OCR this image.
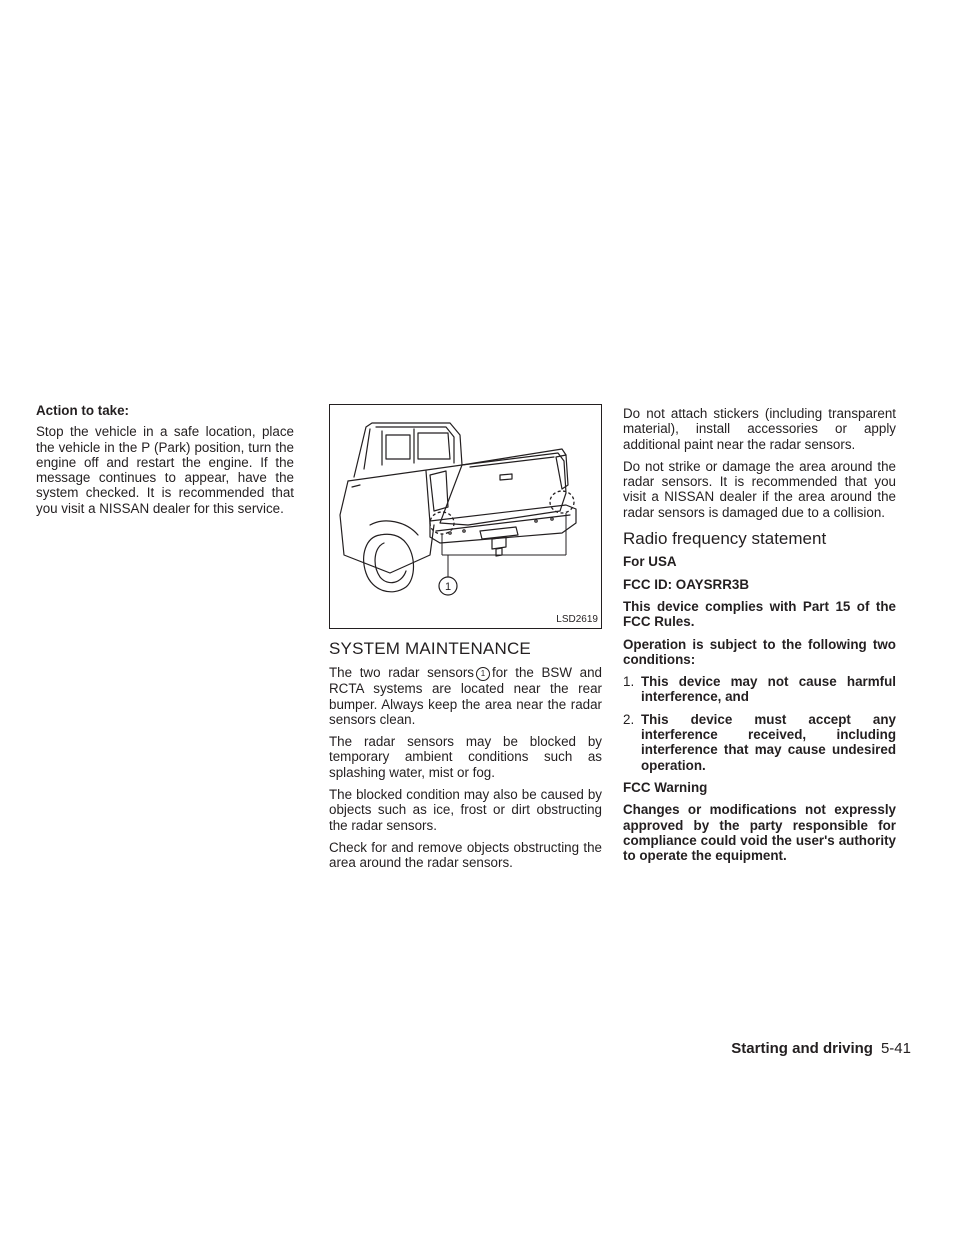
Action to take:

Stop the vehicle in a safe location, place the vehicle in the P (Park) position, turn the engine off and restart the engine. If the message continues to appear, have the system checked. It is recommended that you visit a NISSAN dealer for this service.

1
LSD2619
SYSTEM MAINTENANCE

The two radar sensors 1 for the BSW and RCTA systems are located near the rear bumper. Always keep the area near the radar sensors clean.

The radar sensors may be blocked by temporary ambient conditions such as splashing water, mist or fog.

The blocked condition may also be caused by objects such as ice, frost or dirt obstructing the radar sensors.

Check for and remove objects obstructing the area around the radar sensors.

Do not attach stickers (including transparent material), install accessories or apply additional paint near the radar sensors.

Do not strike or damage the area around the radar sensors. It is recommended that you visit a NISSAN dealer if the area around the radar sensors is damaged due to a collision.

Radio frequency statement

For USA

FCC ID: OAYSRR3B

This device complies with Part 15 of the FCC Rules.

Operation is subject to the following two conditions:

1. This device may not cause harmful interference, and
2. This device must accept any interference received, including interference that may cause undesired operation.

FCC Warning

Changes or modifications not expressly approved by the party responsible for compliance could void the user's authority to operate the equipment.

Starting and driving 5-41
